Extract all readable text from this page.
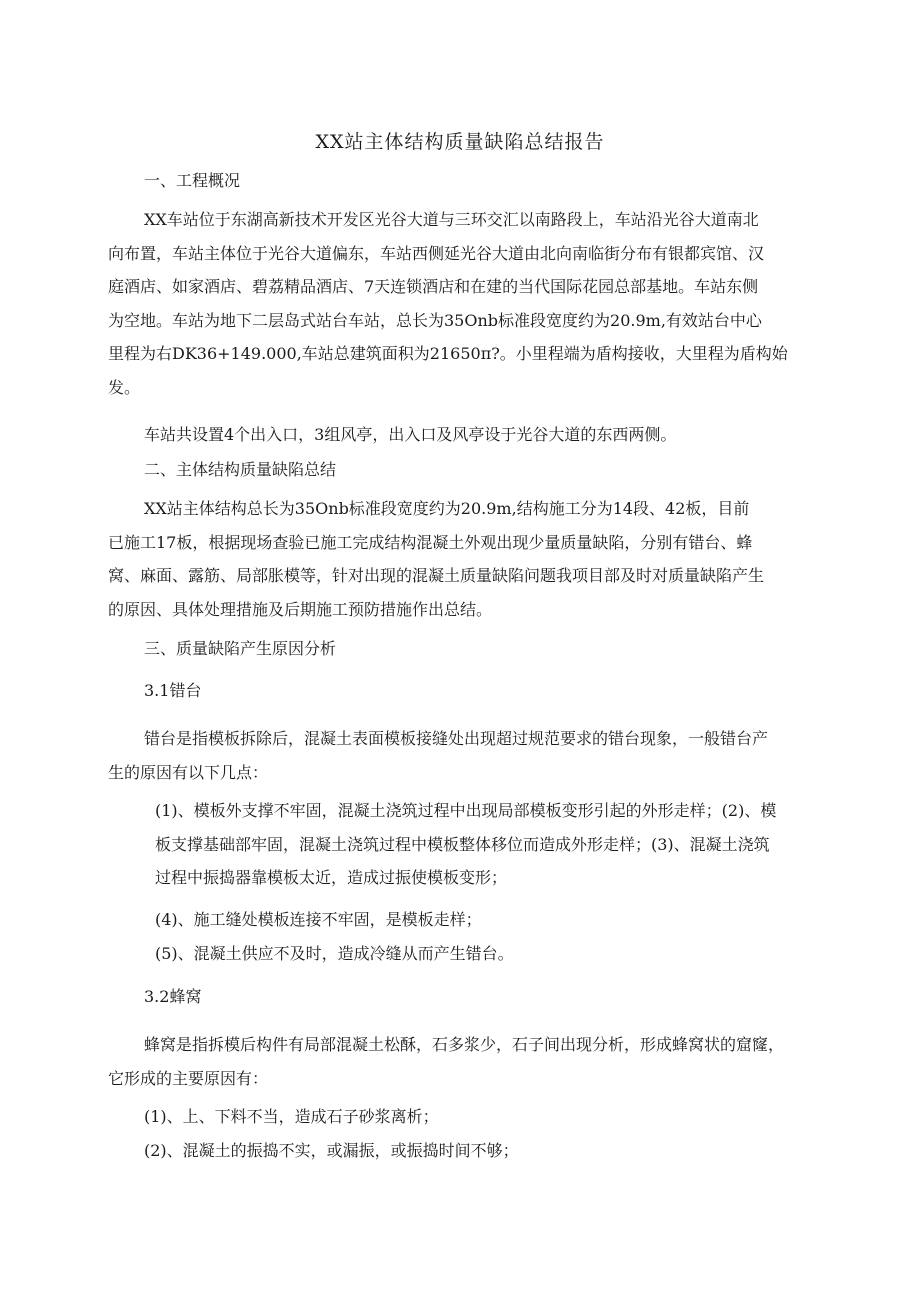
XX站主体结构质量缺陷总结报告
一、工程概况
XX车站位于东湖高新技术开发区光谷大道与三环交汇以南路段上，车站沿光谷大道南北
向布置，车站主体位于光谷大道偏东，车站西侧延光谷大道由北向南临街分布有银都宾馆、汉
庭酒店、如家酒店、碧荔精品酒店、7天连锁酒店和在建的当代国际花园总部基地。车站东侧
为空地。车站为地下二层岛式站台车站，总长为35Onb标准段宽度约为20.9m,有效站台中心
里程为右DK36+149.000,车站总建筑面积为21650π?。小里程端为盾构接收，大里程为盾构始
发。
车站共设置4个出入口，3组风亭，出入口及风亭设于光谷大道的东西两侧。
二、主体结构质量缺陷总结
XX站主体结构总长为35Onb标准段宽度约为20.9m,结构施工分为14段、42板，目前
已施工17板，根据现场查验已施工完成结构混凝土外观出现少量质量缺陷，分别有错台、蜂
窝、麻面、露筋、局部胀模等，针对出现的混凝土质量缺陷问题我项目部及时对质量缺陷产生
的原因、具体处理措施及后期施工预防措施作出总结。
三、质量缺陷产生原因分析
3.1错台
错台是指模板拆除后，混凝土表面模板接缝处出现超过规范要求的错台现象，一般错台产
生的原因有以下几点：
(1)、模板外支撑不牢固，混凝土浇筑过程中出现局部模板变形引起的外形走样；(2)、模
板支撑基础部牢固，混凝土浇筑过程中模板整体移位而造成外形走样；(3)、混凝土浇筑
过程中振捣器靠模板太近，造成过振使模板变形；
(4)、施工缝处模板连接不牢固，是模板走样；
(5)、混凝土供应不及时，造成冷缝从而产生错台。
3.2蜂窝
蜂窝是指拆模后构件有局部混凝土松酥，石多浆少，石子间出现分析，形成蜂窝状的窟窿，
它形成的主要原因有：
(1)、上、下料不当，造成石子砂浆离析；
(2)、混凝土的振捣不实，或漏振，或振捣时间不够；
